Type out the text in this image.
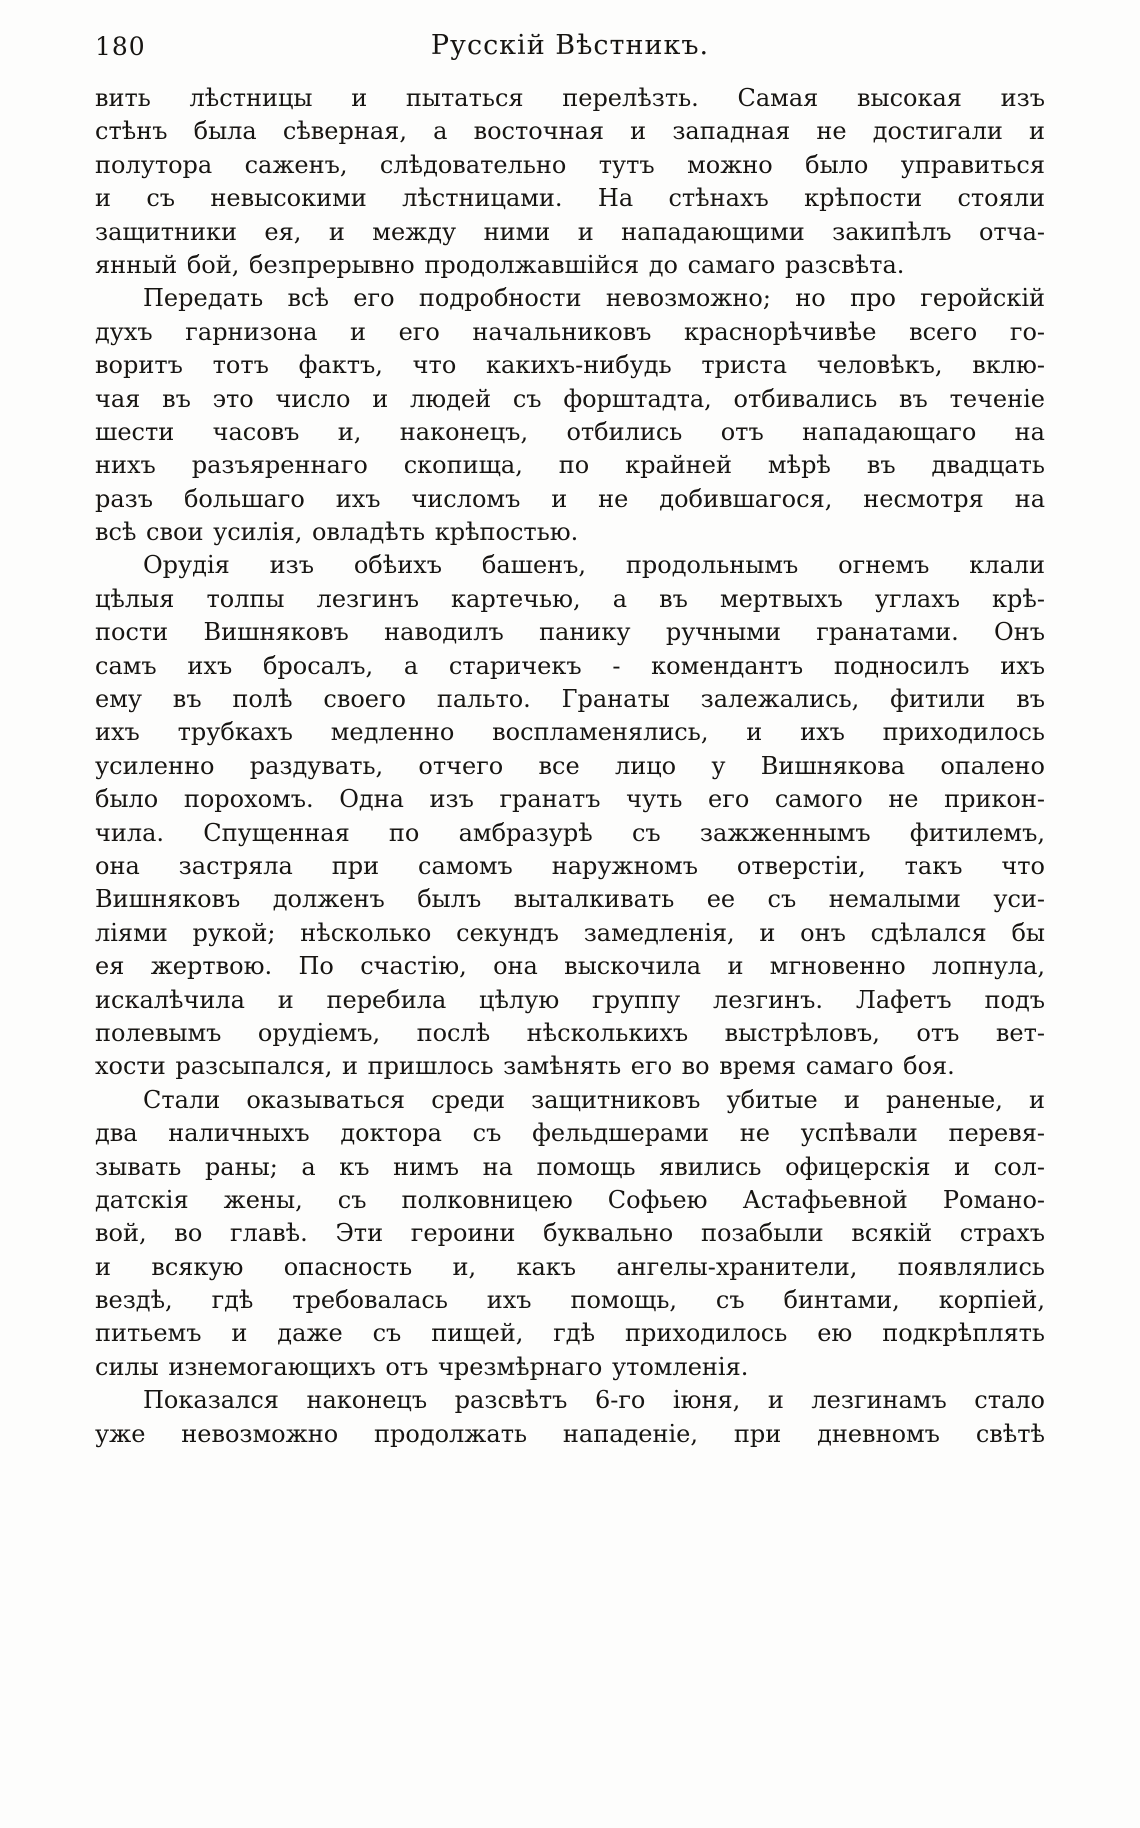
180	Русскій Вѣстникъ.
вить лѣстницы и пытаться перелѣзть. Самая высокая изъ
стѣнъ была сѣверная, а восточная и западная не достигали и
полутора саженъ, слѣдовательно тутъ можно было управиться
и съ невысокими лѣстницами. На стѣнахъ крѣпости стояли
защитники ея, и между ними и нападающими закипѣлъ отча-
янный бой, безпрерывно продолжавшійся до самаго разсвѣта.
Передать всѣ его подробности невозможно; но про геройскій
духъ гарнизона и его начальниковъ краснорѣчивѣе всего го-
воритъ тотъ фактъ, что какихъ-нибудь триста человѣкъ, вклю-
чая въ это число и людей съ форштадта, отбивались въ теченіе
шести часовъ и, наконецъ, отбились отъ нападающаго на
нихъ разъяреннаго скопища, по крайней мѣрѣ въ двадцать
разъ большаго ихъ числомъ и не добившагося, несмотря на
всѣ свои усилія, овладѣть крѣпостью.
Орудія изъ обѣихъ башенъ, продольнымъ огнемъ клали
цѣлыя толпы лезгинъ картечью, а въ мертвыхъ углахъ крѣ-
пости Вишняковъ наводилъ панику ручными гранатами. Онъ
самъ ихъ бросалъ, а старичекъ - комендантъ подносилъ ихъ
ему въ полѣ своего пальто. Гранаты залежались, фитили въ
ихъ трубкахъ медленно воспламенялись, и ихъ приходилось
усиленно раздувать, отчего все лицо у Вишнякова опалено
было порохомъ. Одна изъ гранатъ чуть его самого не прикон-
чила. Спущенная по амбразурѣ съ зажженнымъ фитилемъ,
она застряла при самомъ наружномъ отверстіи, такъ что
Вишняковъ долженъ былъ выталкивать ее съ немалыми уси-
ліями рукой; нѣсколько секундъ замедленія, и онъ сдѣлался бы
ея жертвою. По счастію, она выскочила и мгновенно лопнула,
искалѣчила и перебила цѣлую группу лезгинъ. Лафетъ подъ
полевымъ орудіемъ, послѣ нѣсколькихъ выстрѣловъ, отъ вет-
хости разсыпался, и пришлось замѣнять его во время самаго боя.
Стали оказываться среди защитниковъ убитые и раненые, и
два наличныхъ доктора съ фельдшерами не успѣвали перевя-
зывать раны; а къ нимъ на помощь явились офицерскія и сол-
датскія жены, съ полковницею Софьею Астафьевной Романо-
вой, во главѣ. Эти героини буквально позабыли всякій страхъ
и всякую опасность и, какъ ангелы-хранители, появлялись
вездѣ, гдѣ требовалась ихъ помощь, съ бинтами, корпіей,
питьемъ и даже съ пищей, гдѣ приходилось ею подкрѣплять
силы изнемогающихъ отъ чрезмѣрнаго утомленія.
Показался наконецъ разсвѣтъ 6-го іюня, и лезгинамъ стало
уже невозможно продолжать нападеніе, при дневномъ свѣтѣ
